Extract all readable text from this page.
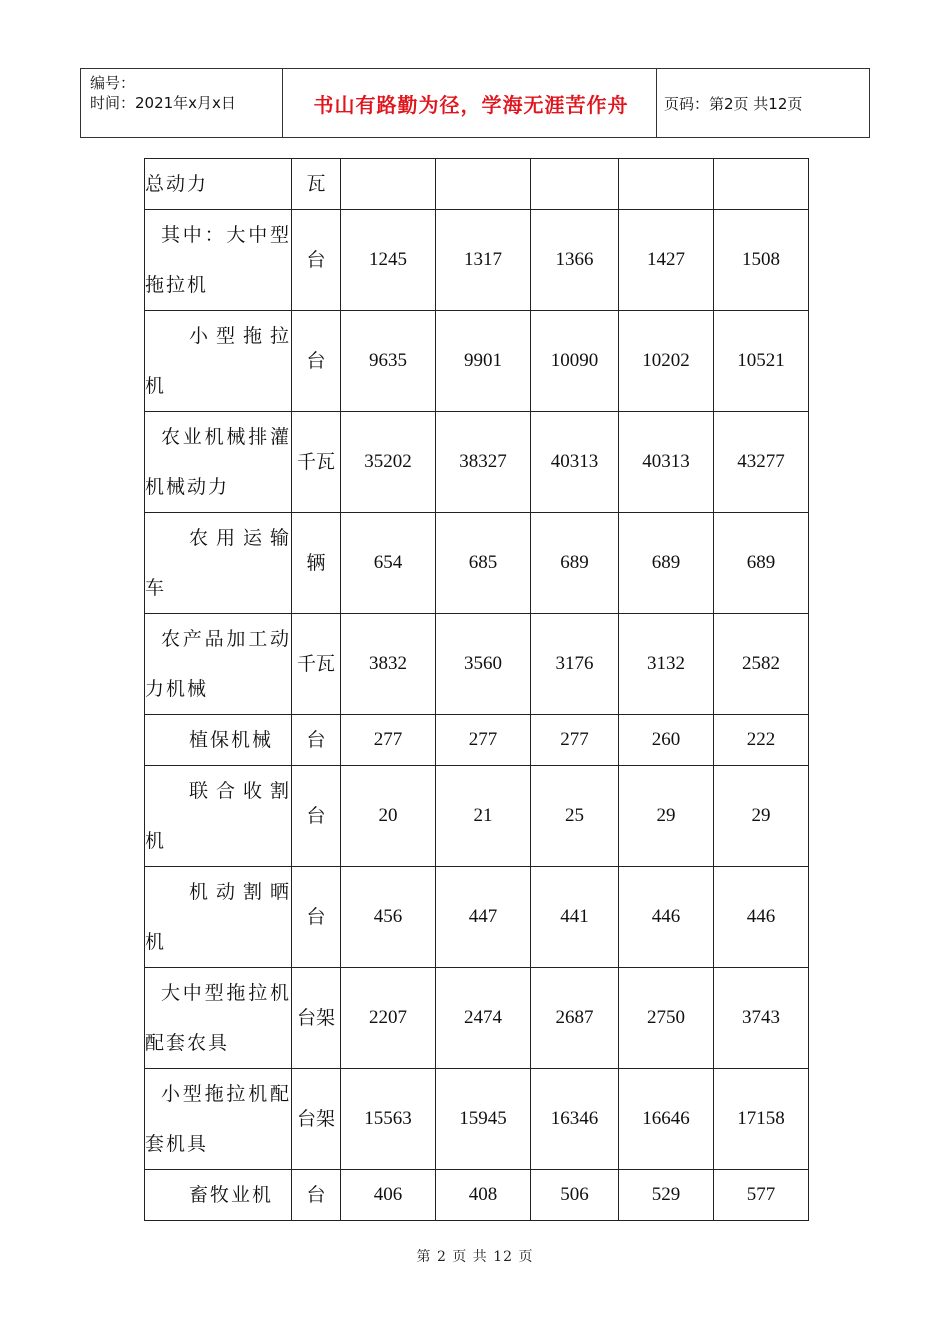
编号：
时间：2021年x月x日	书山有路勤为径，学海无涯苦作舟	页码：第2页 共12页
总动力	瓦					
其中：大中型拖拉机	台	1245	1317	1366	1427	1508
小型拖拉机	台	9635	9901	10090	10202	10521
农业机械排灌机械动力	千瓦	35202	38327	40313	40313	43277
农用运输车	辆	654	685	689	689	689
农产品加工动力机械	千瓦	3832	3560	3176	3132	2582
植保机械	台	277	277	277	260	222
联合收割机	台	20	21	25	29	29
机动割晒机	台	456	447	441	446	446
大中型拖拉机配套农具	台架	2207	2474	2687	2750	3743
小型拖拉机配套机具	台架	15563	15945	16346	16646	17158
畜牧业机	台	406	408	506	529	577
第 2 页 共 12 页
